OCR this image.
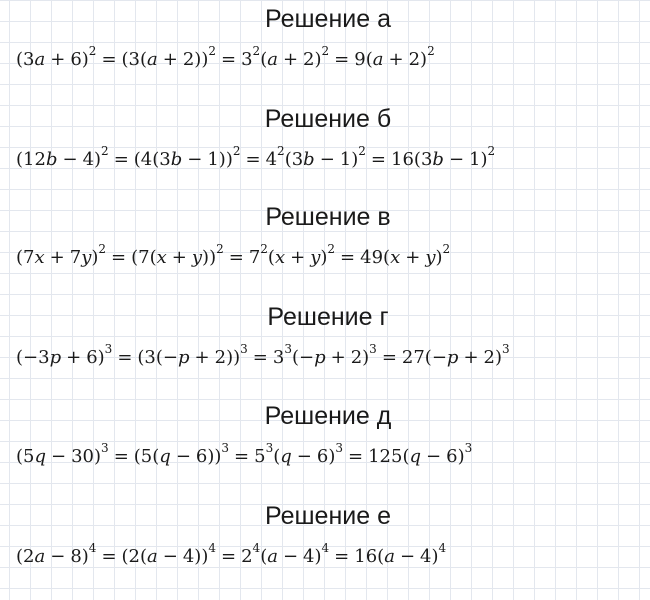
Решение а
$(3a + 6)^2 = (3(a + 2))^2 = 3^2(a + 2)^2 = 9(a + 2)^2$
Решение б
$(12b - 4)^2 = (4(3b - 1))^2 = 4^2(3b - 1)^2 = 16(3b - 1)^2$
Решение в
$(7x + 7y)^2 = (7(x + y))^2 = 7^2(x + y)^2 = 49(x + y)^2$
Решение г
$(-3p + 6)^3 = (3(-p + 2))^3 = 3^3(-p + 2)^3 = 27(-p + 2)^3$
Решение д
$(5q - 30)^3 = (5(q - 6))^3 = 5^3(q - 6)^3 = 125(q - 6)^3$
Решение е
$(2a - 8)^4 = (2(a - 4))^4 = 2^4(a - 4)^4 = 16(a - 4)^4$
